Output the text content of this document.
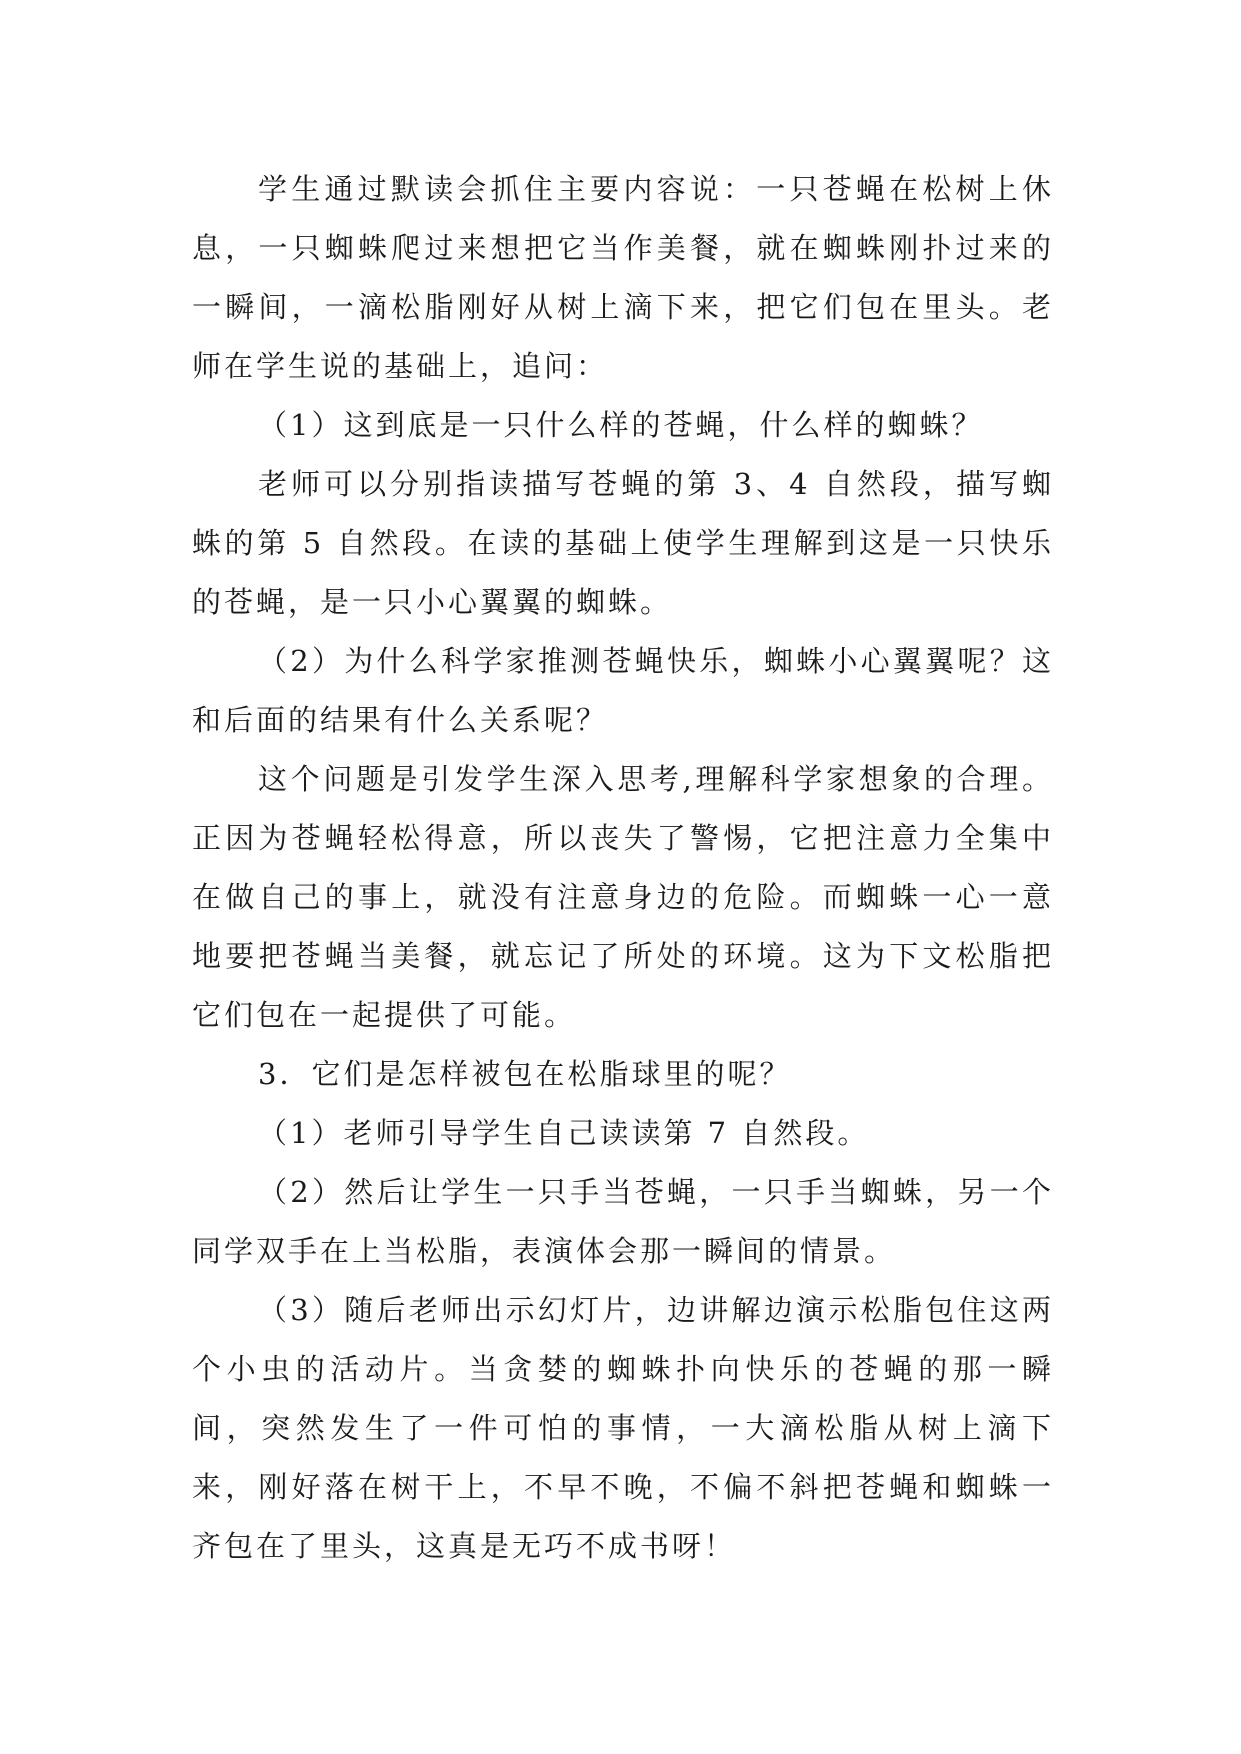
学生通过默读会抓住主要内容说：一只苍蝇在松树上休息，一只蜘蛛爬过来想把它当作美餐，就在蜘蛛刚扑过来的一瞬间，一滴松脂刚好从树上滴下来，把它们包在里头。老师在学生说的基础上，追问：

（1）这到底是一只什么样的苍蝇，什么样的蜘蛛？

老师可以分别指读描写苍蝇的第 3、4 自然段，描写蜘蛛的第 5 自然段。在读的基础上使学生理解到这是一只快乐的苍蝇，是一只小心翼翼的蜘蛛。

（2）为什么科学家推测苍蝇快乐，蜘蛛小心翼翼呢？这和后面的结果有什么关系呢？

这个问题是引发学生深入思考,理解科学家想象的合理。正因为苍蝇轻松得意，所以丧失了警惕，它把注意力全集中在做自己的事上，就没有注意身边的危险。而蜘蛛一心一意地要把苍蝇当美餐，就忘记了所处的环境。这为下文松脂把它们包在一起提供了可能。

3．它们是怎样被包在松脂球里的呢？

（1）老师引导学生自己读读第 7 自然段。

（2）然后让学生一只手当苍蝇，一只手当蜘蛛，另一个同学双手在上当松脂，表演体会那一瞬间的情景。

（3）随后老师出示幻灯片，边讲解边演示松脂包住这两个小虫的活动片。当贪婪的蜘蛛扑向快乐的苍蝇的那一瞬间，突然发生了一件可怕的事情，一大滴松脂从树上滴下来，刚好落在树干上，不早不晚，不偏不斜把苍蝇和蜘蛛一齐包在了里头，这真是无巧不成书呀！
